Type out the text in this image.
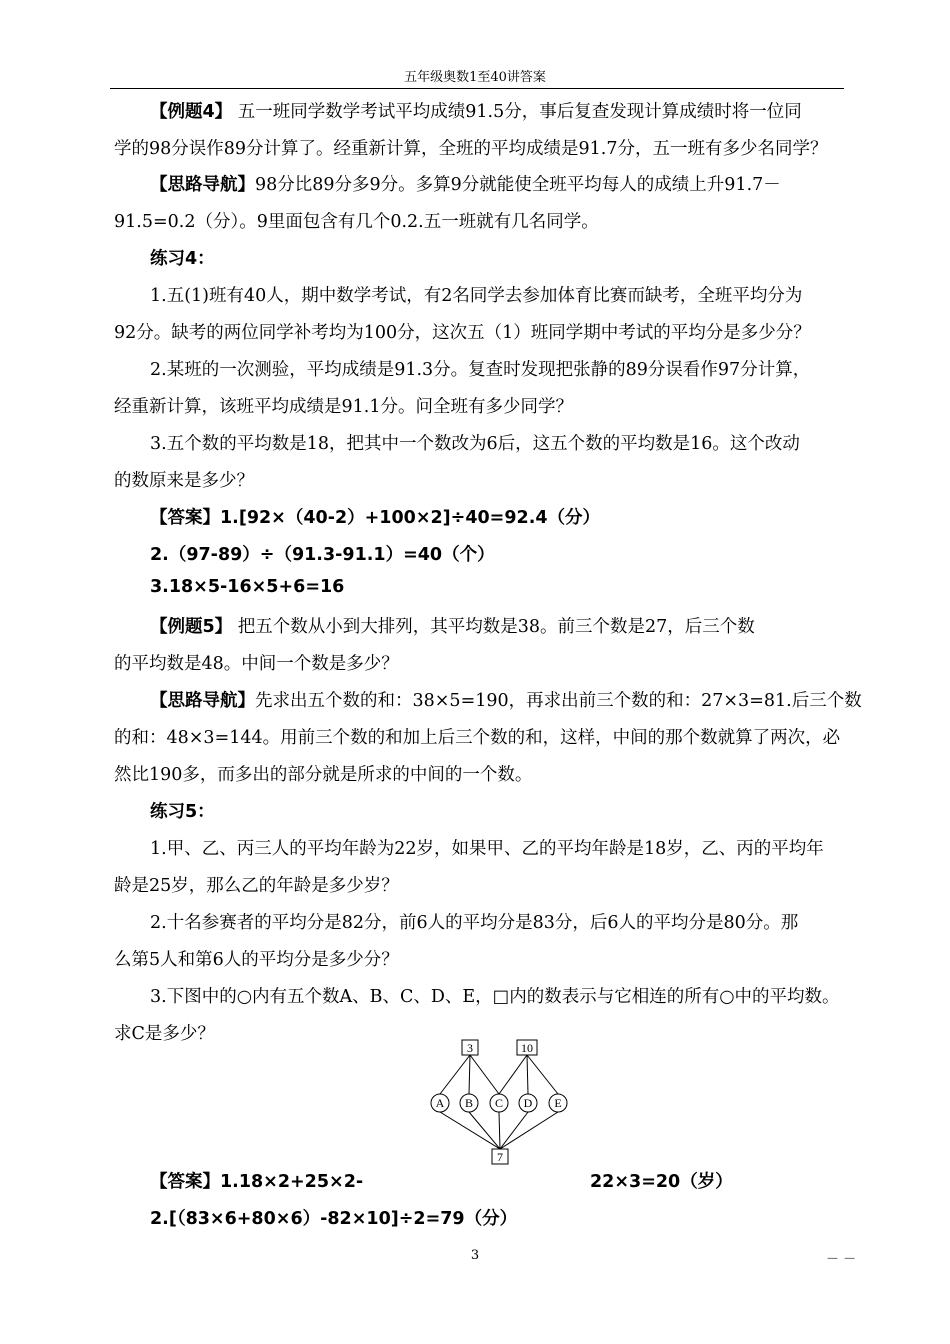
五年级奥数1至40讲答案
【例题4】 五一班同学数学考试平均成绩91.5分，事后复查发现计算成绩时将一位同
学的98分误作89分计算了。经重新计算，全班的平均成绩是91.7分，五一班有多少名同学？
【思路导航】98分比89分多9分。多算9分就能使全班平均每人的成绩上升91.7－
91.5=0.2（分）。9里面包含有几个0.2.五一班就有几名同学。
练习4：
1.五(1)班有40人，期中数学考试，有2名同学去参加体育比赛而缺考，全班平均分为
92分。缺考的两位同学补考均为100分，这次五（1）班同学期中考试的平均分是多少分？
2.某班的一次测验，平均成绩是91.3分。复查时发现把张静的89分误看作97分计算，
经重新计算，该班平均成绩是91.1分。问全班有多少同学？
3.五个数的平均数是18，把其中一个数改为6后，这五个数的平均数是16。这个改动
的数原来是多少？
【答案】1.[92×（40-2）+100×2]÷40=92.4（分）
2.（97-89）÷（91.3-91.1）=40（个）
3.18×5-16×5+6=16
【例题5】 把五个数从小到大排列，其平均数是38。前三个数是27，后三个数
的平均数是48。中间一个数是多少？
【思路导航】先求出五个数的和：38×5=190，再求出前三个数的和：27×3=81.后三个数
的和：48×3=144。用前三个数的和加上后三个数的和，这样，中间的那个数就算了两次，必
然比190多，而多出的部分就是所求的中间的一个数。
练习5：
1.甲、乙、丙三人的平均年龄为22岁，如果甲、乙的平均年龄是18岁，乙、丙的平均年
龄是25岁，那么乙的年龄是多少岁？
2.十名参赛者的平均分是82分，前6人的平均分是83分，后6人的平均分是80分。那
么第5人和第6人的平均分是多少分？
3.下图中的○内有五个数A、B、C、D、E，□内的数表示与它相连的所有○中的平均数。
求C是多少？
3	10
7
A B C D E
【答案】1.18×2+25×2-	22×3=20（岁）
2.[（83×6+80×6）-82×10]÷2=79（分）
3	－ －
